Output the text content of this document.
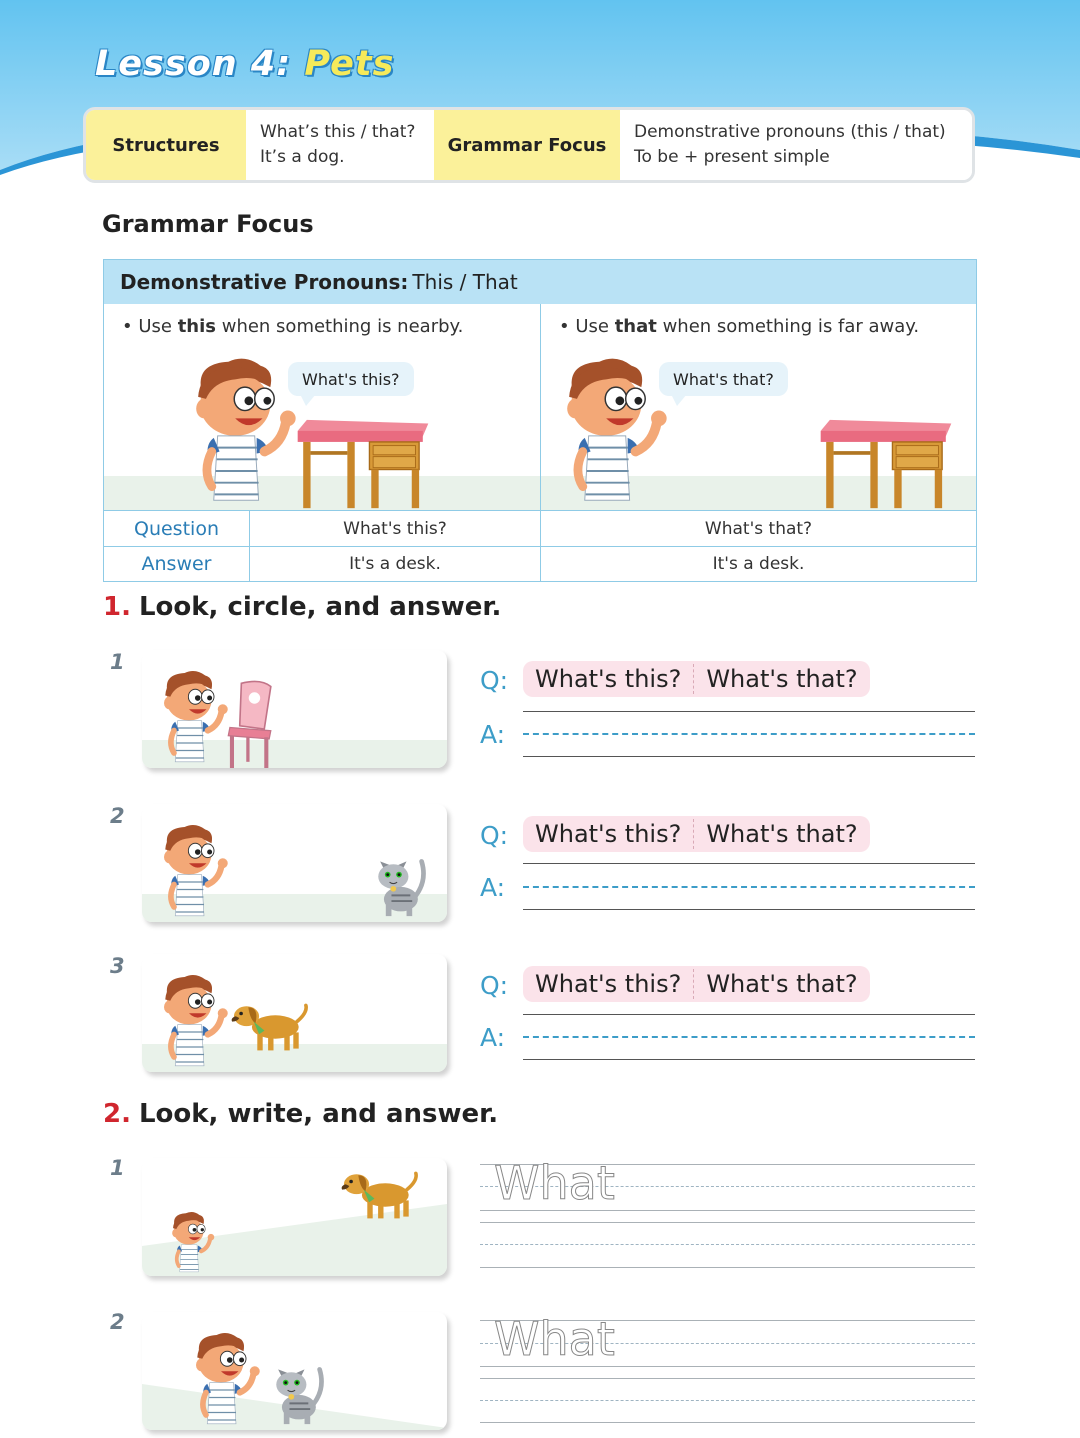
Lesson 4: Pets
Structures
What’s this / that?
It’s a dog.
Grammar Focus
Demonstrative pronouns (this / that)
To be + present simple
Grammar Focus
Demonstrative Pronouns: This / That
• Use this when something is nearby.
What's this?
• Use that when something is far away.
What's that?
Question	What's this?	What's that?
Answer	It's a desk.	It's a desk.
1. Look, circle, and answer.
1
Q:	What's this?	What's that?
A:
2
Q:	What's this?	What's that?
A:
3
Q:	What's this?	What's that?
A:
2. Look, write, and answer.
1	What
2	What
